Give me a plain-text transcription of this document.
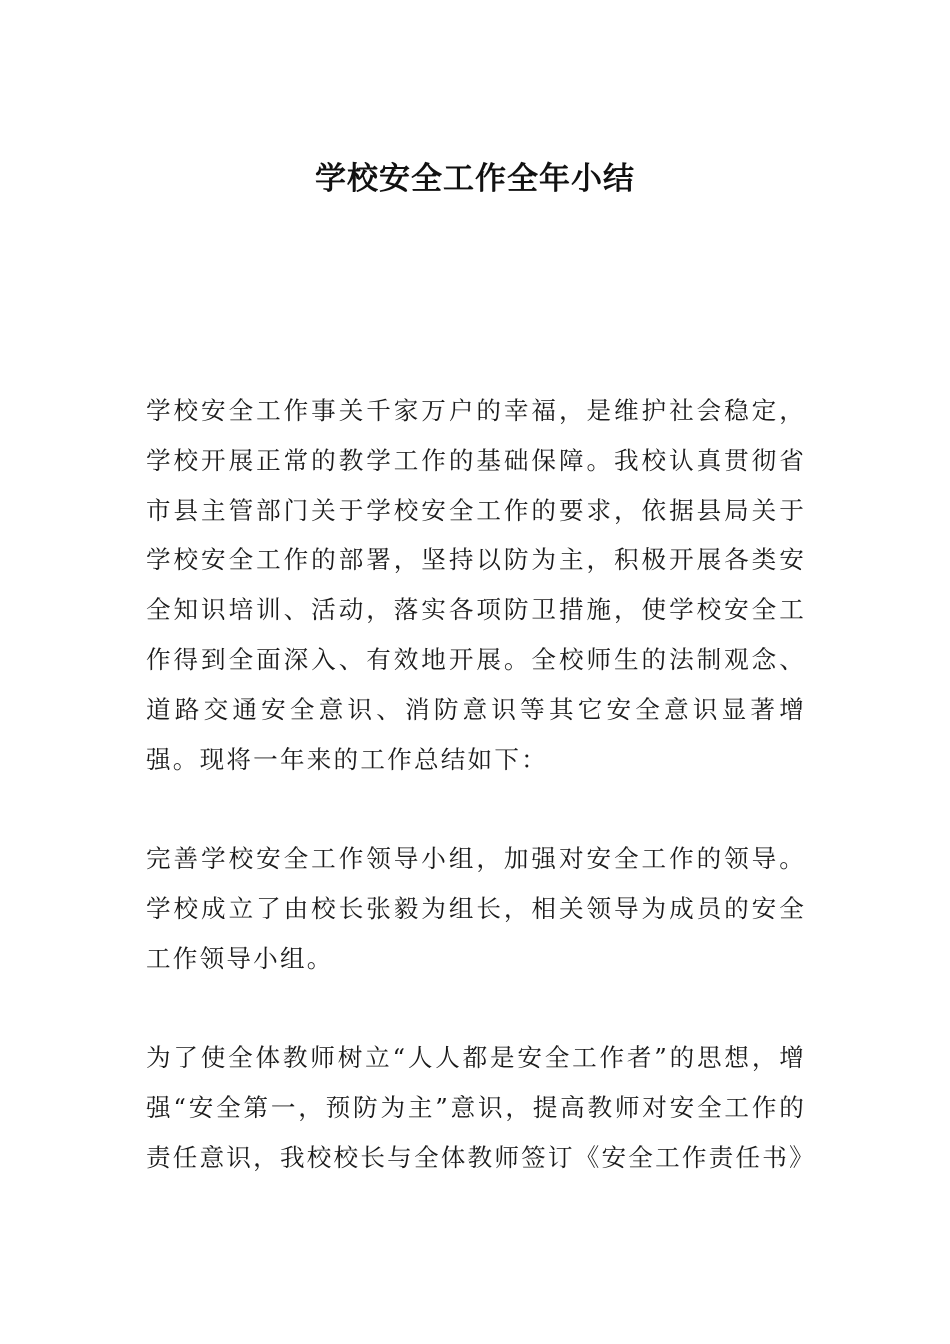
学校安全工作全年小结

学校安全工作事关千家万户的幸福，是维护社会稳定，学校开展正常的教学工作的基础保障。我校认真贯彻省市县主管部门关于学校安全工作的要求，依据县局关于学校安全工作的部署，坚持以防为主，积极开展各类安全知识培训、活动，落实各项防卫措施，使学校安全工作得到全面深入、有效地开展。全校师生的法制观念、道路交通安全意识、消防意识等其它安全意识显著增强。现将一年来的工作总结如下：

完善学校安全工作领导小组，加强对安全工作的领导。学校成立了由校长张毅为组长，相关领导为成员的安全工作领导小组。

为了使全体教师树立“人人都是安全工作者”的思想，增强“安全第一，预防为主”意识，提高教师对安全工作的责任意识，我校校长与全体教师签订《安全工作责任书》
